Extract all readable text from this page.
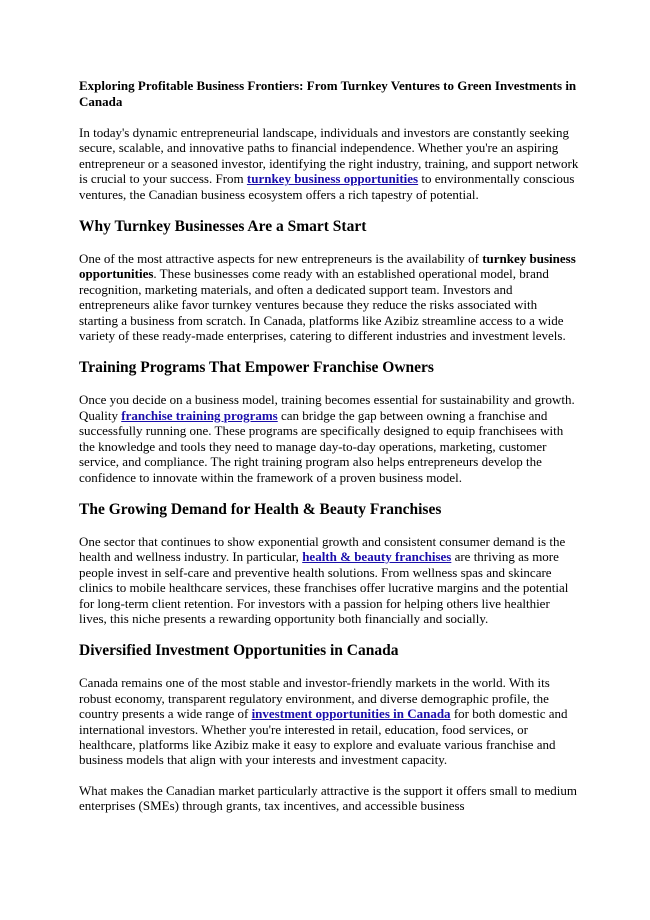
Exploring Profitable Business Frontiers: From Turnkey Ventures to Green Investments in Canada

In today's dynamic entrepreneurial landscape, individuals and investors are constantly seeking secure, scalable, and innovative paths to financial independence. Whether you're an aspiring entrepreneur or a seasoned investor, identifying the right industry, training, and support network is crucial to your success. From turnkey business opportunities to environmentally conscious ventures, the Canadian business ecosystem offers a rich tapestry of potential.

Why Turnkey Businesses Are a Smart Start

One of the most attractive aspects for new entrepreneurs is the availability of turnkey business opportunities. These businesses come ready with an established operational model, brand recognition, marketing materials, and often a dedicated support team. Investors and entrepreneurs alike favor turnkey ventures because they reduce the risks associated with starting a business from scratch. In Canada, platforms like Azibiz streamline access to a wide variety of these ready-made enterprises, catering to different industries and investment levels.

Training Programs That Empower Franchise Owners

Once you decide on a business model, training becomes essential for sustainability and growth. Quality franchise training programs can bridge the gap between owning a franchise and successfully running one. These programs are specifically designed to equip franchisees with the knowledge and tools they need to manage day-to-day operations, marketing, customer service, and compliance. The right training program also helps entrepreneurs develop the confidence to innovate within the framework of a proven business model.

The Growing Demand for Health & Beauty Franchises

One sector that continues to show exponential growth and consistent consumer demand is the health and wellness industry. In particular, health & beauty franchises are thriving as more people invest in self-care and preventive health solutions. From wellness spas and skincare clinics to mobile healthcare services, these franchises offer lucrative margins and the potential for long-term client retention. For investors with a passion for helping others live healthier lives, this niche presents a rewarding opportunity both financially and socially.

Diversified Investment Opportunities in Canada

Canada remains one of the most stable and investor-friendly markets in the world. With its robust economy, transparent regulatory environment, and diverse demographic profile, the country presents a wide range of investment opportunities in Canada for both domestic and international investors. Whether you're interested in retail, education, food services, or healthcare, platforms like Azibiz make it easy to explore and evaluate various franchise and business models that align with your interests and investment capacity.

What makes the Canadian market particularly attractive is the support it offers small to medium enterprises (SMEs) through grants, tax incentives, and accessible business
